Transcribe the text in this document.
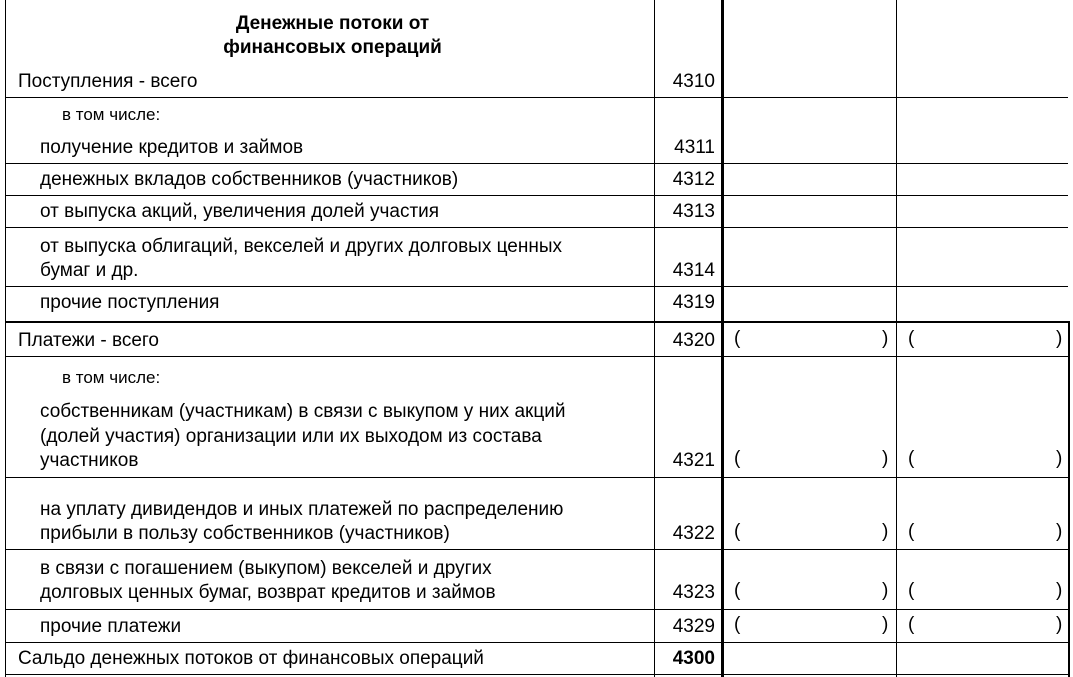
Денежные потоки от
финансовых операций
Поступления - всего	4310
в том числе:
получение кредитов и займов	4311
денежных вкладов собственников (участников)	4312
от выпуска акций, увеличения долей участия	4313
от выпуска облигаций, векселей и других долговых ценных
бумаг и др.	4314
прочие поступления	4319
Платежи - всего	4320 (	) (	)
в том числе:
собственникам (участникам) в связи с выкупом у них акций
(долей участия) организации или их выходом из состава
участников	4321 (	) (	)
на уплату дивидендов и иных платежей по распределению
прибыли в пользу собственников (участников)	4322 (	) (	)
в связи с погашением (выкупом) векселей и других
долговых ценных бумаг, возврат кредитов и займов	4323 (	) (	)
прочие платежи	4329 (	) (	)
Сальдо денежных потоков от финансовых операций	4300
